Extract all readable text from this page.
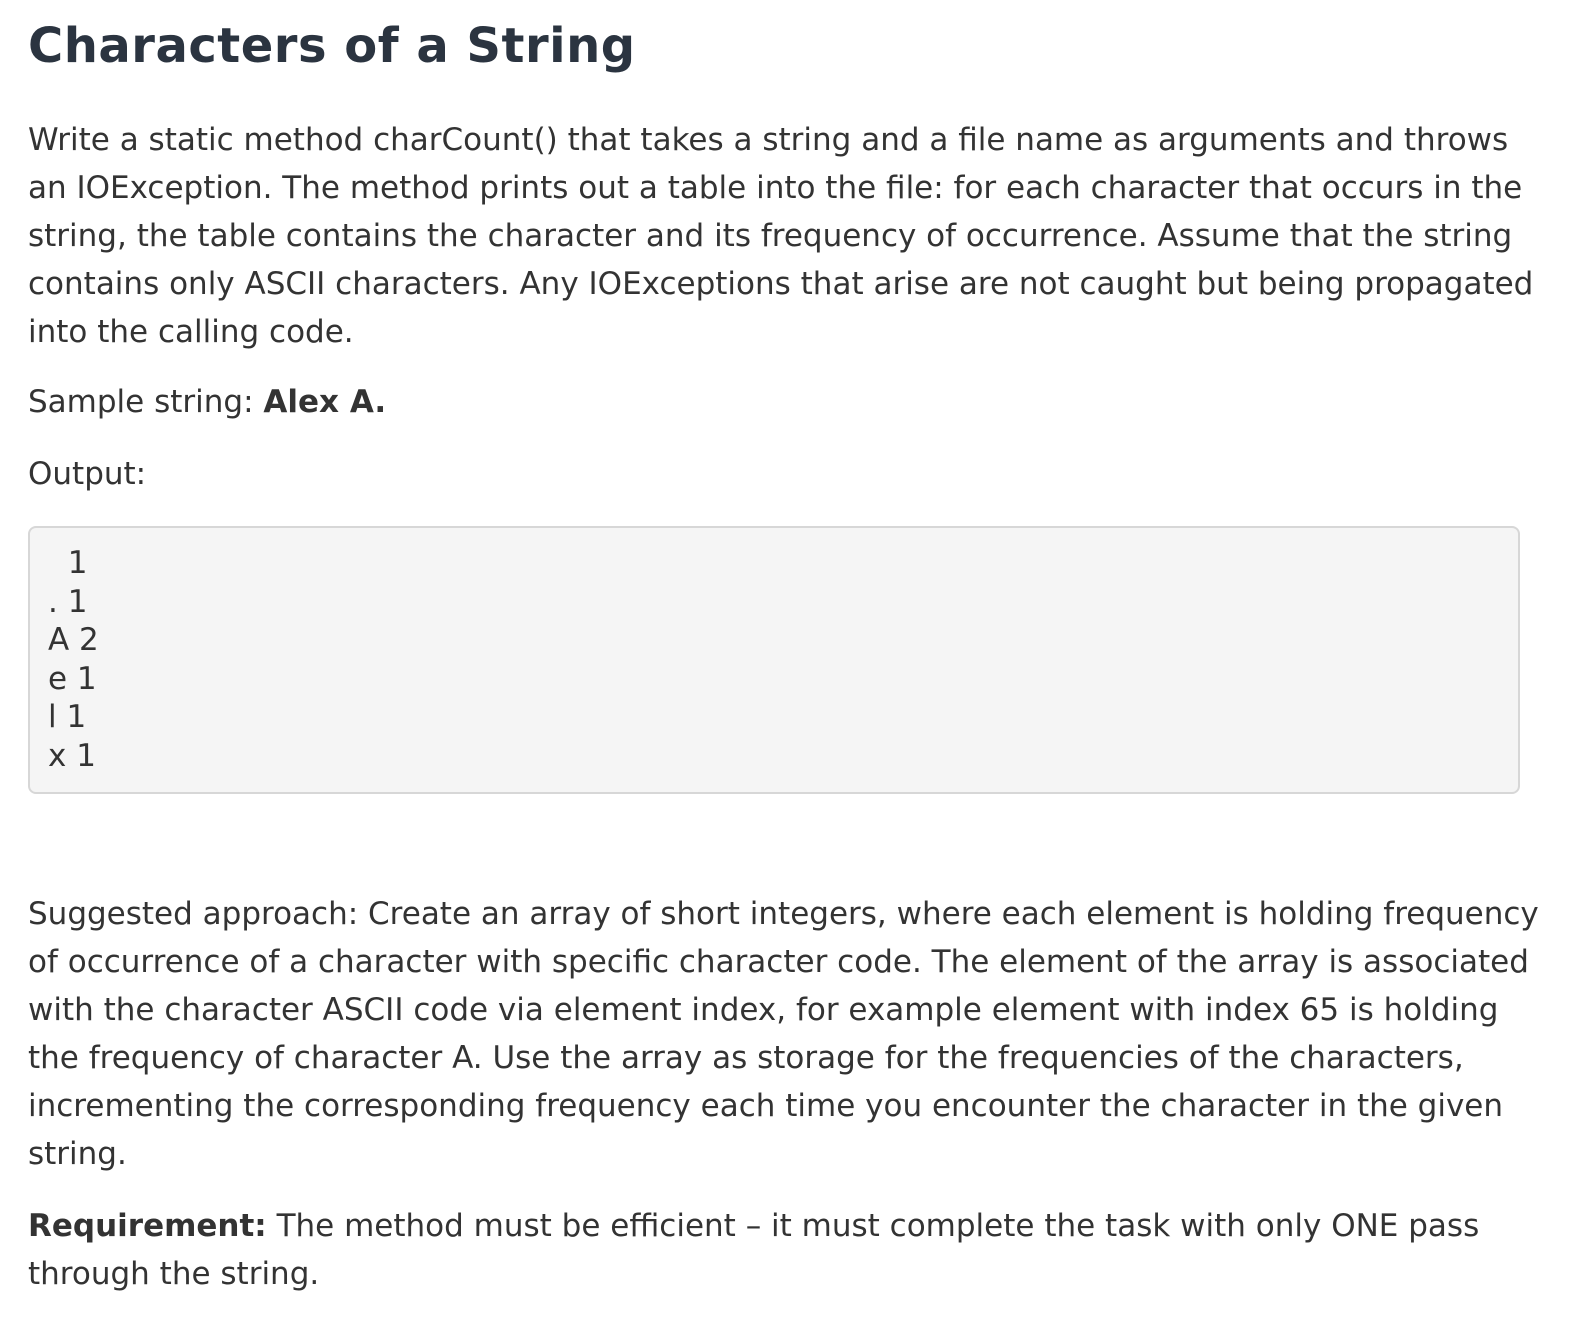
Characters of a String

Write a static method charCount() that takes a string and a file name as arguments and throws an IOException. The method prints out a table into the file: for each character that occurs in the string, the table contains the character and its frequency of occurrence. Assume that the string contains only ASCII characters. Any IOExceptions that arise are not caught but being propagated into the calling code.

Sample string: Alex A.

Output:

1
. 1
A 2
e 1
l 1
x 1

Suggested approach: Create an array of short integers, where each element is holding frequency of occurrence of a character with specific character code. The element of the array is associated with the character ASCII code via element index, for example element with index 65 is holding the frequency of character A. Use the array as storage for the frequencies of the characters, incrementing the corresponding frequency each time you encounter the character in the given string.

Requirement: The method must be efficient – it must complete the task with only ONE pass through the string.
